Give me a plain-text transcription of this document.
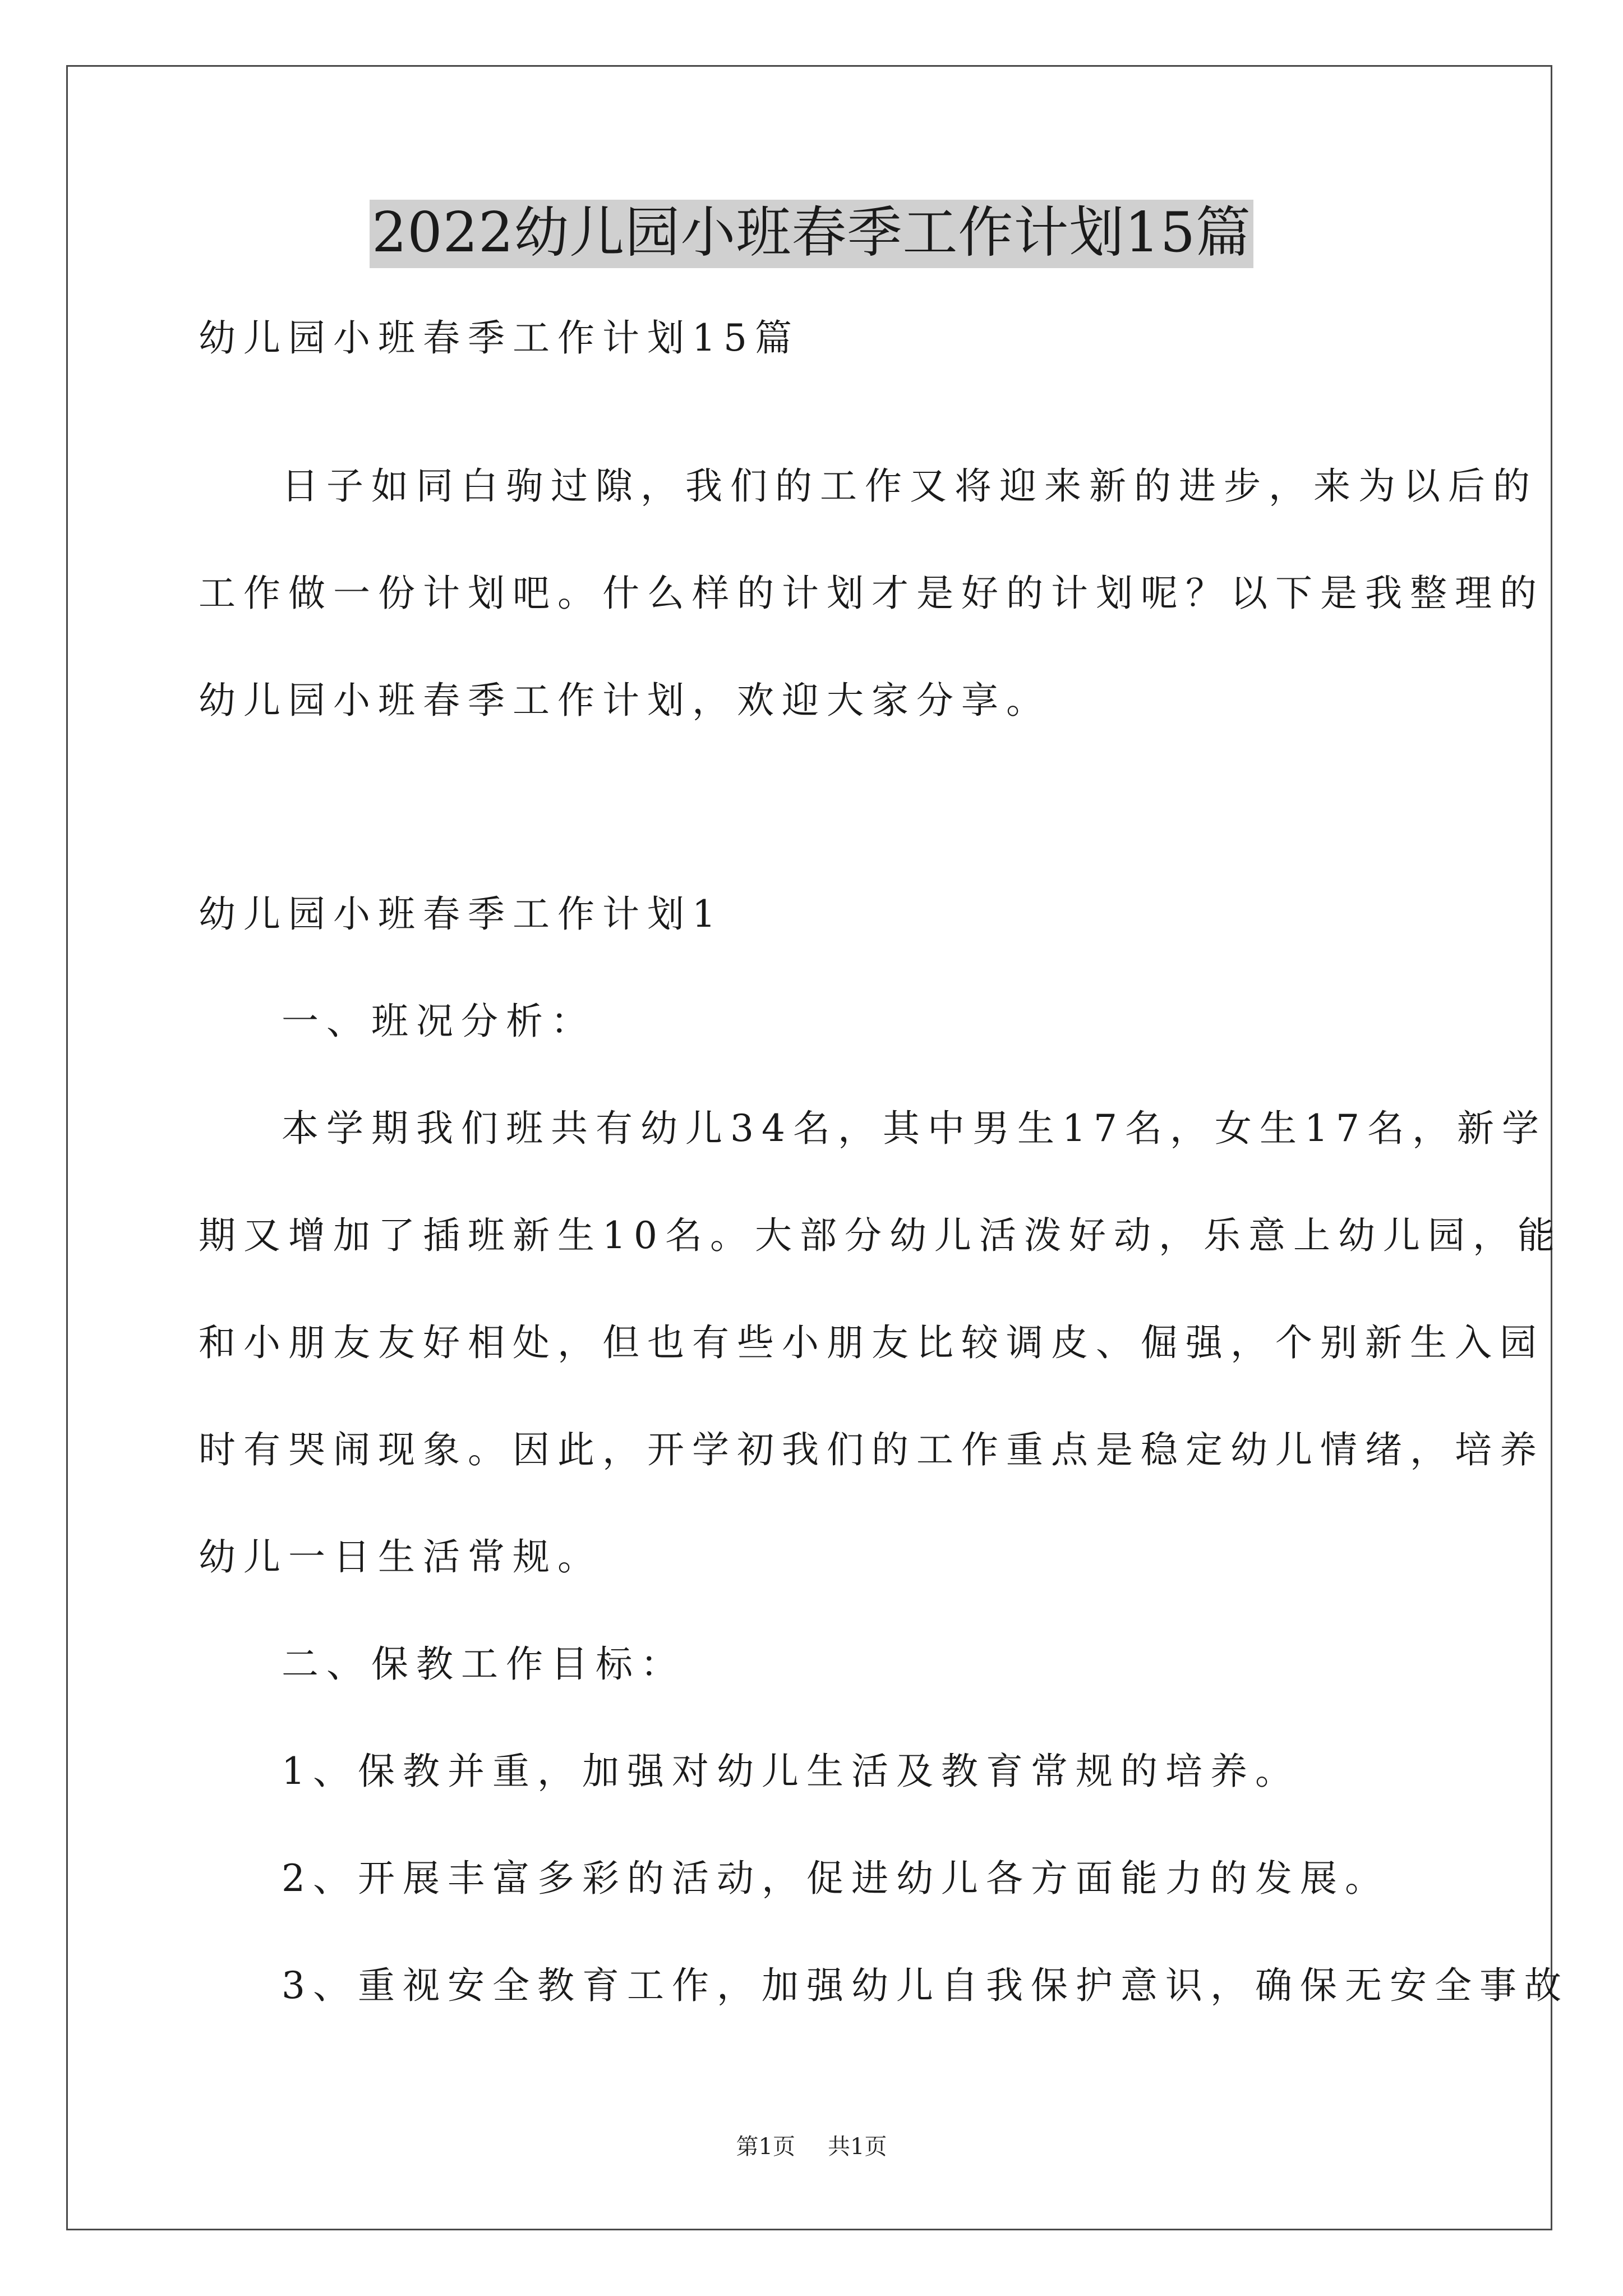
2022幼儿园小班春季工作计划15篇
幼儿园小班春季工作计划15篇
日子如同白驹过隙，我们的工作又将迎来新的进步，来为以后的
工作做一份计划吧。什么样的计划才是好的计划呢？以下是我整理的
幼儿园小班春季工作计划，欢迎大家分享。
幼儿园小班春季工作计划1
一、班况分析：
本学期我们班共有幼儿34名，其中男生17名，女生17名，新学
期又增加了插班新生10名。大部分幼儿活泼好动，乐意上幼儿园，能
和小朋友友好相处，但也有些小朋友比较调皮、倔强，个别新生入园
时有哭闹现象。因此，开学初我们的工作重点是稳定幼儿情绪，培养
幼儿一日生活常规。
二、保教工作目标：
1、保教并重，加强对幼儿生活及教育常规的培养。
2、开展丰富多彩的活动，促进幼儿各方面能力的发展。
3、重视安全教育工作，加强幼儿自我保护意识，确保无安全事故
第1页 共1页
